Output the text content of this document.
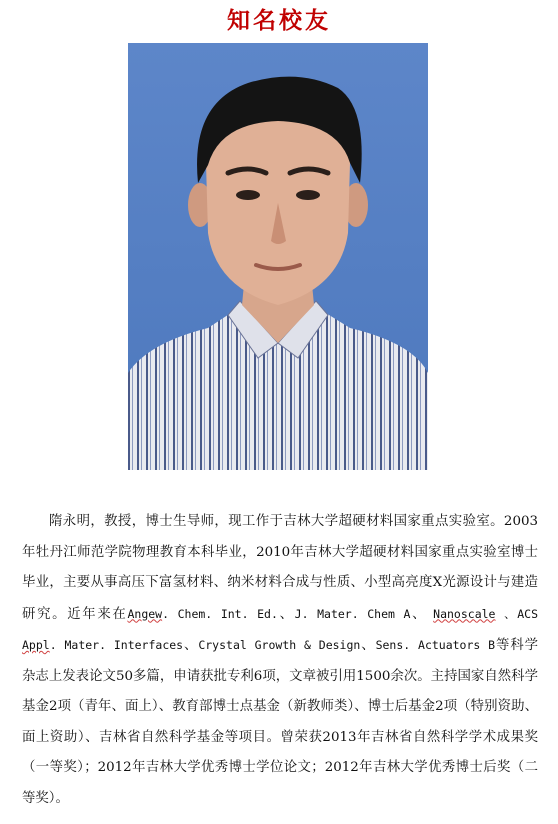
知名校友

隋永明，教授，博士生导师，现工作于吉林大学超硬材料国家重点实验室。2003年牡丹江师范学院物理教育本科毕业，2010年吉林大学超硬材料国家重点实验室博士毕业，主要从事高压下富氢材料、纳米材料合成与性质、小型高亮度X光源设计与建造研究。近年来在Angew. Chem. Int. Ed.、J. Mater. Chem A、 Nanoscale 、ACS Appl. Mater. Interfaces、Crystal Growth & Design、Sens. Actuators B等科学杂志上发表论文50多篇，申请获批专利6项，文章被引用1500余次。主持国家自然科学基金2项（青年、面上）、教育部博士点基金（新教师类）、博士后基金2项（特别资助、面上资助）、吉林省自然科学基金等项目。曾荣获2013年吉林省自然科学学术成果奖（一等奖）；2012年吉林大学优秀博士学位论文；2012年吉林大学优秀博士后奖（二等奖）。
